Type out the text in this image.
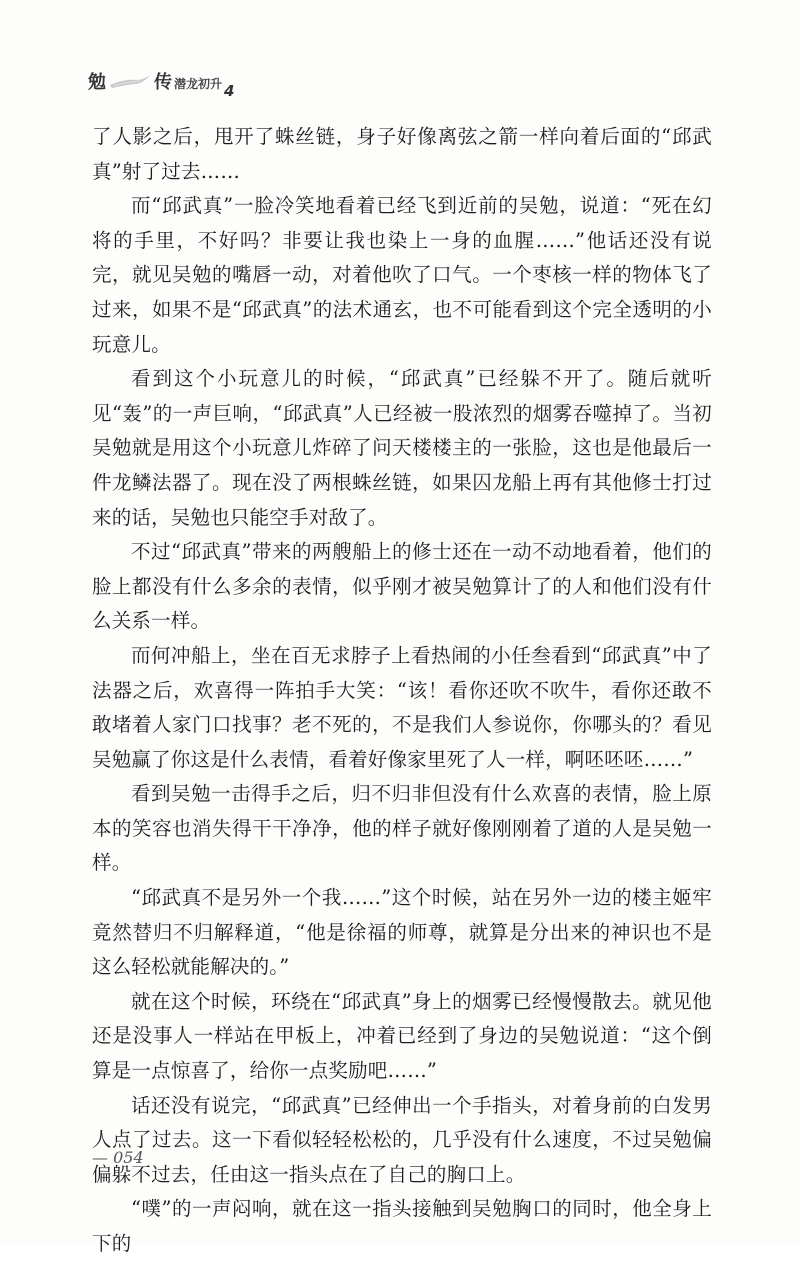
勉	传 潜龙初升 4

了人影之后，甩开了蛛丝链，身子好像离弦之箭一样向着后面的“邱武真”射了过去……

而“邱武真”一脸冷笑地看着已经飞到近前的吴勉，说道：“死在幻将的手里，不好吗？非要让我也染上一身的血腥……”他话还没有说完，就见吴勉的嘴唇一动，对着他吹了口气。一个枣核一样的物体飞了过来，如果不是“邱武真”的法术通玄，也不可能看到这个完全透明的小玩意儿。

看到这个小玩意儿的时候，“邱武真”已经躲不开了。随后就听见“轰”的一声巨响，“邱武真”人已经被一股浓烈的烟雾吞噬掉了。当初吴勉就是用这个小玩意儿炸碎了问天楼楼主的一张脸，这也是他最后一件龙鳞法器了。现在没了两根蛛丝链，如果囚龙船上再有其他修士打过来的话，吴勉也只能空手对敌了。

不过“邱武真”带来的两艘船上的修士还在一动不动地看着，他们的脸上都没有什么多余的表情，似乎刚才被吴勉算计了的人和他们没有什么关系一样。

而何冲船上，坐在百无求脖子上看热闹的小任叁看到“邱武真”中了法器之后，欢喜得一阵拍手大笑：“该！看你还吹不吹牛，看你还敢不敢堵着人家门口找事？老不死的，不是我们人参说你，你哪头的？看见吴勉赢了你这是什么表情，看着好像家里死了人一样，啊呸呸呸……”

看到吴勉一击得手之后，归不归非但没有什么欢喜的表情，脸上原本的笑容也消失得干干净净，他的样子就好像刚刚着了道的人是吴勉一样。

“邱武真不是另外一个我……”这个时候，站在另外一边的楼主姬牢竟然替归不归解释道，“他是徐福的师尊，就算是分出来的神识也不是这么轻松就能解决的。”

就在这个时候，环绕在“邱武真”身上的烟雾已经慢慢散去。就见他还是没事人一样站在甲板上，冲着已经到了身边的吴勉说道：“这个倒算是一点惊喜了，给你一点奖励吧……”

话还没有说完，“邱武真”已经伸出一个手指头，对着身前的白发男人点了过去。这一下看似轻轻松松的，几乎没有什么速度，不过吴勉偏偏躲不过去，任由这一指头点在了自己的胸口上。

“噗”的一声闷响，就在这一指头接触到吴勉胸口的同时，他全身上下的

— 054
